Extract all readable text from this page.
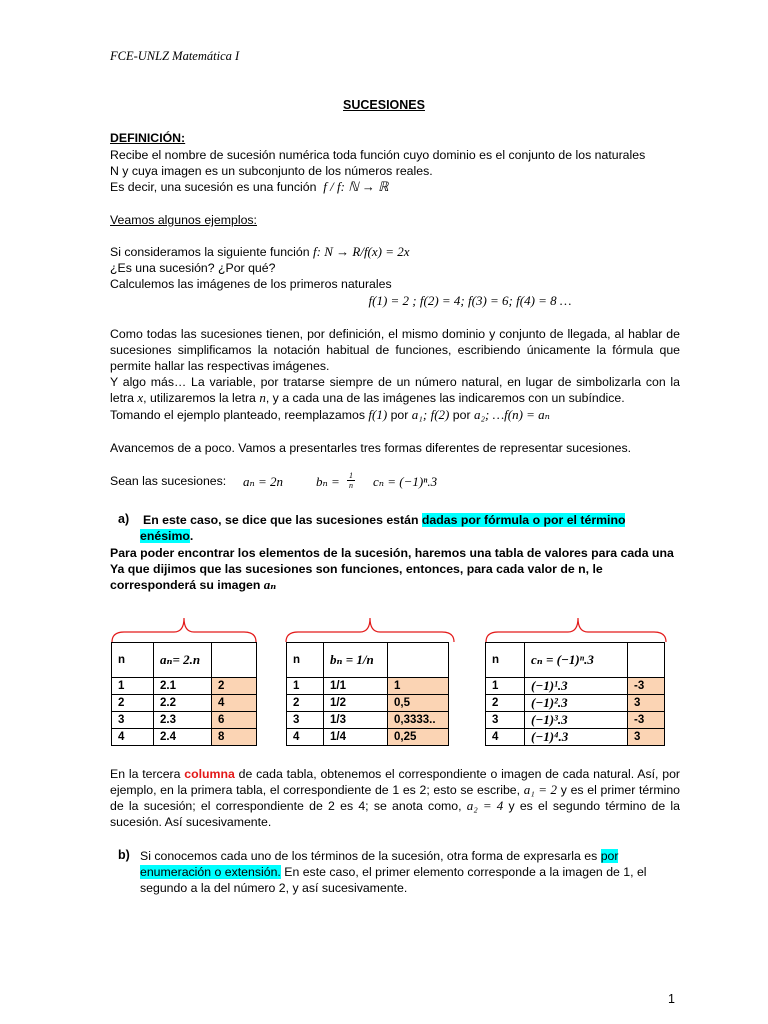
FCE-UNLZ Matemática I
SUCESIONES
DEFINICIÓN:
Recibe el nombre de sucesión numérica toda función cuyo dominio es el conjunto de los naturales
N y cuya imagen es un subconjunto de los números reales.
Es decir, una sucesión es una función f / f: ℕ → ℝ
Veamos algunos ejemplos:
Si consideramos la siguiente función f: N → R/f(x) = 2x
¿Es una sucesión? ¿Por qué?
Calculemos las imágenes de los primeros naturales
f(1) = 2 ; f(2) = 4; f(3) = 6; f(4) = 8 …
Como todas las sucesiones tienen, por definición, el mismo dominio y conjunto de llegada, al hablar de sucesiones simplificamos la notación habitual de funciones, escribiendo únicamente la fórmula que permite hallar las respectivas imágenes.
Y algo más… La variable, por tratarse siempre de un número natural, en lugar de simbolizarla con la letra x, utilizaremos la letra n, y a cada una de las imágenes las indicaremos con un subíndice.
Tomando el ejemplo planteado, reemplazamos f(1) por a₁; f(2) por a₂; …f(n) = aₙ
Avancemos de a poco. Vamos a presentarles tres formas diferentes de representar sucesiones.
Sean las sucesiones: aₙ = 2n	$b_n = \frac{1}{n}$ cₙ = (−1)ⁿ.3
a) En este caso, se dice que las sucesiones están dadas por fórmula o por el término
enésimo.
Para poder encontrar los elementos de la sucesión, haremos una tabla de valores para cada una
Ya que dijimos que las sucesiones son funciones, entonces, para cada valor de n, le
corresponderá su imagen aₙ
n	aₙ= 2.n	
1	2.1	2
2	2.2	4
3	2.3	6
4	2.4	8
n	bₙ = 1/n	
1	1/1	1
2	1/2	0,5
3	1/3	0,3333..
4	1/4	0,25
n	cₙ = (−1)ⁿ.3	
1	(−1)¹.3	-3
2	(−1)².3	3
3	(−1)³.3	-3
4	(−1)⁴.3	3
En la tercera columna de cada tabla, obtenemos el correspondiente o imagen de cada natural. Así, por ejemplo, en la primera tabla, el correspondiente de 1 es 2; esto se escribe, a₁ = 2 y es el primer término de la sucesión; el correspondiente de 2 es 4; se anota como, a₂ = 4 y es el segundo término de la sucesión. Así sucesivamente.
b) Si conocemos cada uno de los términos de la sucesión, otra forma de expresarla es por enumeración o extensión. En este caso, el primer elemento corresponde a la imagen de 1, el segundo a la del número 2, y así sucesivamente.
1
